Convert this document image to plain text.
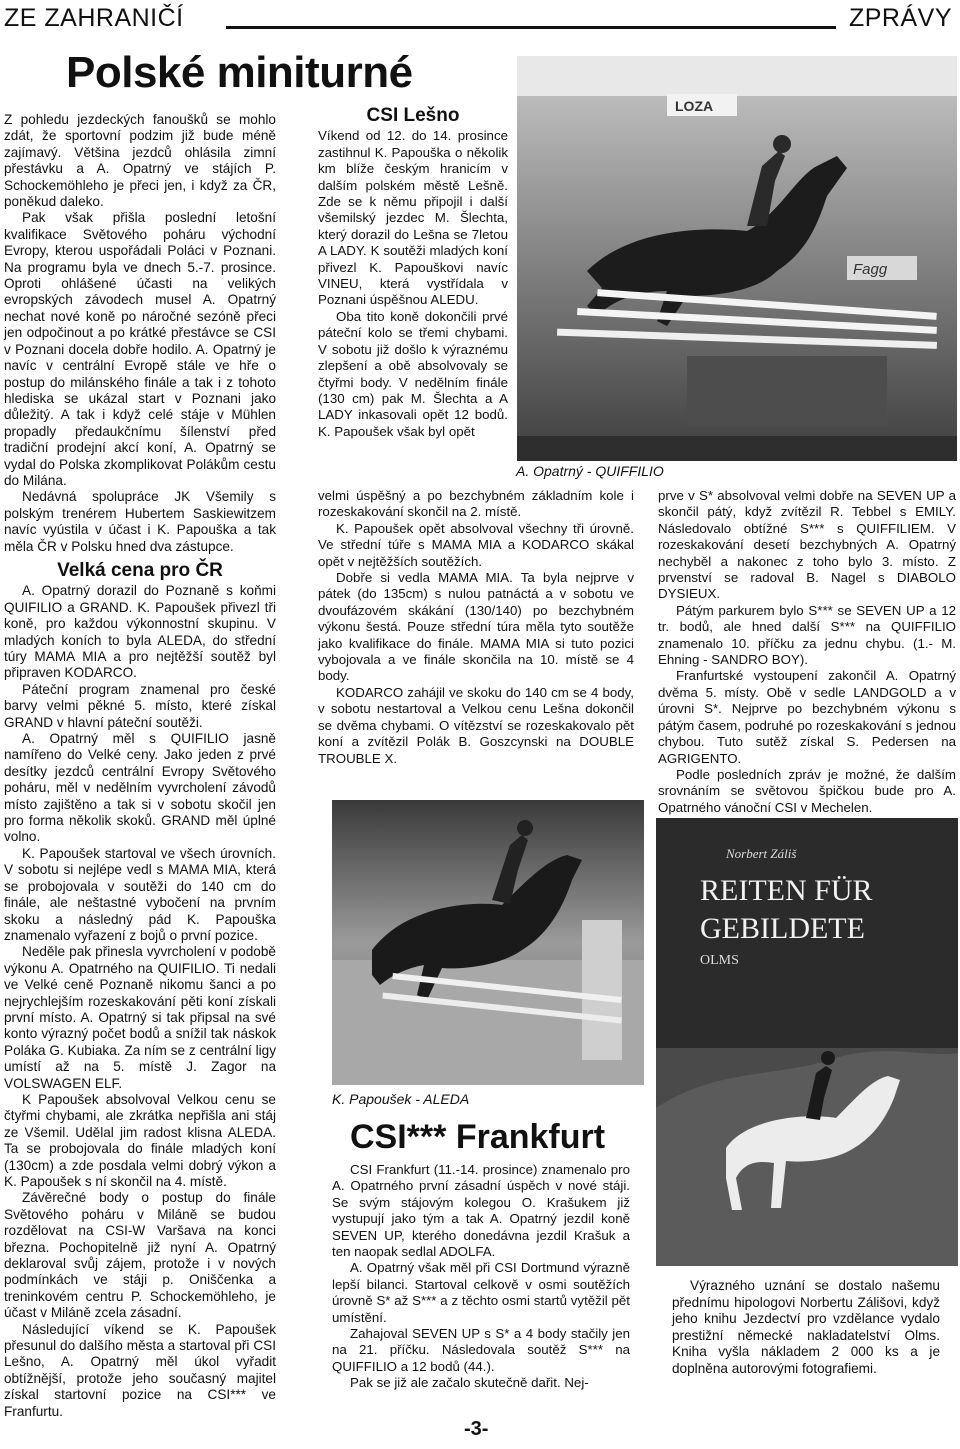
ZE ZAHRANIČÍ	ZPRÁVY
Polské miniturné

Z pohledu jezdeckých fanoušků se mohlo zdát, že sportovní podzim již bude méně zajímavý. Většina jezdců ohlásila zimní přestávku a A. Opatrný ve stájích P. Schockemöhleho je přeci jen, i když za ČR, poněkud daleko.

Pak však přišla poslední letošní kvalifikace Světového poháru východní Evropy, kterou uspořádali Poláci v Poznani. Na programu byla ve dnech 5.-7. prosince. Oproti ohlášené účasti na velikých evropských závodech musel A. Opatrný nechat nové koně po náročné sezóně přeci jen odpočinout a po krátké přestávce se CSI v Poznani docela dobře hodilo. A. Opatrný je navíc v centrální Evropě stále ve hře o postup do milánského finále a tak i z tohoto hlediska se ukázal start v Poznani jako důležitý. A tak i když celé stáje v Mühlen propadly předaukčnímu šílenství před tradiční prodejní akcí koní, A. Opatrný se vydal do Polska zkomplikovat Polákům cestu do Milána.

Nedávná spolupráce JK Všemily s polským trenérem Hubertem Saskiewitzem navíc vyústila v účast i K. Papouška a tak měla ČR v Polsku hned dva zástupce.

Velká cena pro ČR

A. Opatrný dorazil do Poznaně s koňmi QUIFILIO a GRAND. K. Papoušek přivezl tři koně, pro každou výkonnostní skupinu. V mladých koních to byla ALEDA, do střední túry MAMA MIA a pro nejtěžší soutěž byl připraven KODARCO.

Páteční program znamenal pro české barvy velmi pěkné 5. místo, které získal GRAND v hlavní páteční soutěži.

A. Opatrný měl s QUIFILIO jasně namířeno do Velké ceny. Jako jeden z prvé desítky jezdců centrální Evropy Světového poháru, měl v nedělním vyvrcholení závodů místo zajištěno a tak si v sobotu skočil jen pro forma několik skoků. GRAND měl úplné volno.

K. Papoušek startoval ve všech úrovních. V sobotu si nejlépe vedl s MAMA MIA, která se probojovala v soutěži do 140 cm do finále, ale neštastné vybočení na prvním skoku a následný pád K. Papouška znamenalo vyřazení z bojů o první pozice.

Neděle pak přinesla vyvrcholení v podobě výkonu A. Opatrného na QUIFILIO. Ti nedali ve Velké ceně Poznaně nikomu šanci a po nejrychlejším rozeskakování pěti koní získali první místo. A. Opatrný si tak připsal na své konto výrazný počet bodů a snížil tak náskok Poláka G. Kubiaka. Za ním se z centrální ligy umístí až na 5. místě J. Zagor na VOLSWAGEN ELF.

K Papoušek absolvoval Velkou cenu se čtyřmi chybami, ale zkrátka nepřišla ani stáj ze Všemil. Udělal jim radost klisna ALEDA. Ta se probojovala do finále mladých koní (130cm) a zde posdala velmi dobrý výkon a K. Papoušek s ní skončil na 4. místě.

Závěrečné body o postup do finále Světového poháru v Miláně se budou rozdělovat na CSI-W Varšava na konci března. Pochopitelně již nyní A. Opatrný deklaroval svůj zájem, protože i v nových podmínkách ve stáji p. Oniščenka a treninkovém centru P. Schockemöhleho, je účast v Miláně zcela zásadní.

Následující víkend se K. Papoušek přesunul do dalšího města a startoval při CSI Lešno, A. Opatrný měl úkol vyřadit obtížnější, protože jeho současný majitel získal startovní pozice na CSI*** ve Franfurtu.

CSI Lešno

Víkend od 12. do 14. prosince zastihnul K. Papouška o několik km blíže českým hranicím v dalším polském městě Lešně. Zde se k němu připojil i další všemilský jezdec M. Šlechta, který dorazil do Lešna se 7letou A LADY. K soutěži mladých koní přivezl K. Papouškovi navíc VINEU, která vystřídala v Poznani úspěšnou ALEDU.

Oba tito koně dokončili prvé páteční kolo se třemi chybami. V sobotu již došlo k výraznému zlepšení a obě absolvovaly se čtyřmi body. V nedělním finále (130 cm) pak M. Šlechta a A LADY inkasovali opět 12 bodů. K. Papoušek však byl opět

LOZA
Fagg
A. Opatrný - QUIFFILIO

velmi úspěšný a po bezchybném základním kole i rozeskakování skončil na 2. místě.

K. Papoušek opět absolvoval všechny tři úrovně. Ve střední túře s MAMA MIA a KODARCO skákal opět v nejtěžších soutěžích.

Dobře si vedla MAMA MIA. Ta byla nejprve v pátek (do 135cm) s nulou patnáctá a v sobotu ve dvoufázovém skákání (130/140) po bezchybném výkonu šestá. Pouze střední túra měla tyto soutěže jako kvalifikace do finále. MAMA MIA si tuto pozici vybojovala a ve finále skončila na 10. místě se 4 body.

KODARCO zahájil ve skoku do 140 cm se 4 body, v sobotu nestartoval a Velkou cenu Lešna dokončil se dvěma chybami. O vítězství se rozeskakovalo pět koní a zvítězil Polák B. Goszcynski na DOUBLE TROUBLE X.

prve v S* absolvoval velmi dobře na SEVEN UP a skončil pátý, když zvítězil R. Tebbel s EMILY. Následovalo obtížné S*** s QUIFFILIEM. V rozeskakování desetí bezchybných A. Opatrný nechyběl a nakonec z toho bylo 3. místo. Z prvenství se radoval B. Nagel s DIABOLO DYSIEUX.

Pátým parkurem bylo S*** se SEVEN UP a 12 tr. bodů, ale hned další S*** na QUIFFILIO znamenalo 10. příčku za jednu chybu. (1.- M. Ehning - SANDRO BOY).

Franfurtské vystoupení zakončil A. Opatrný dvěma 5. místy. Obě v sedle LANDGOLD a v úrovni S*. Nejprve po bezchybném výkonu s pátým časem, podruhé po rozeskakování s jednou chybou. Tuto sutěž získal S. Pedersen na AGRIGENTO.

Podle posledních zpráv je možné, že dalším srovnáním se světovou špičkou bude pro A. Opatrného vánoční CSI v Mechelen.

K. Papoušek - ALEDA
CSI*** Frankfurt

CSI Frankfurt (11.-14. prosince) znamenalo pro A. Opatrného první zásadní úspěch v nové stáji. Se svým stájovým kolegou O. Krašukem již vystupují jako tým a tak A. Opatrný jezdil koně SEVEN UP, kterého donedávna jezdil Krašuk a ten naopak sedlal ADOLFA.

A. Opatrný však měl při CSI Dortmund výrazně lepší bilanci. Startoval celkově v osmi soutěžích úrovně S* až S*** a z těchto osmi startů vytěžil pět umístění.

Zahajoval SEVEN UP s S* a 4 body stačily jen na 21. příčku. Následovala soutěž S*** na QUIFFILIO a 12 bodů (44.).

Pak se již ale začalo skutečně dařit. Nej-

Norbert Záliš
REITEN FÜR
GEBILDETE
OLMS

Výrazného uznání se dostalo našemu přednímu hipologovi Norbertu Zálišovi, když jeho knihu Jezdectví pro vzdělance vydalo prestižní německé nakladatelství Olms. Kniha vyšla nákladem 2 000 ks a je doplněna autorovými fotografiemi.

-3-
